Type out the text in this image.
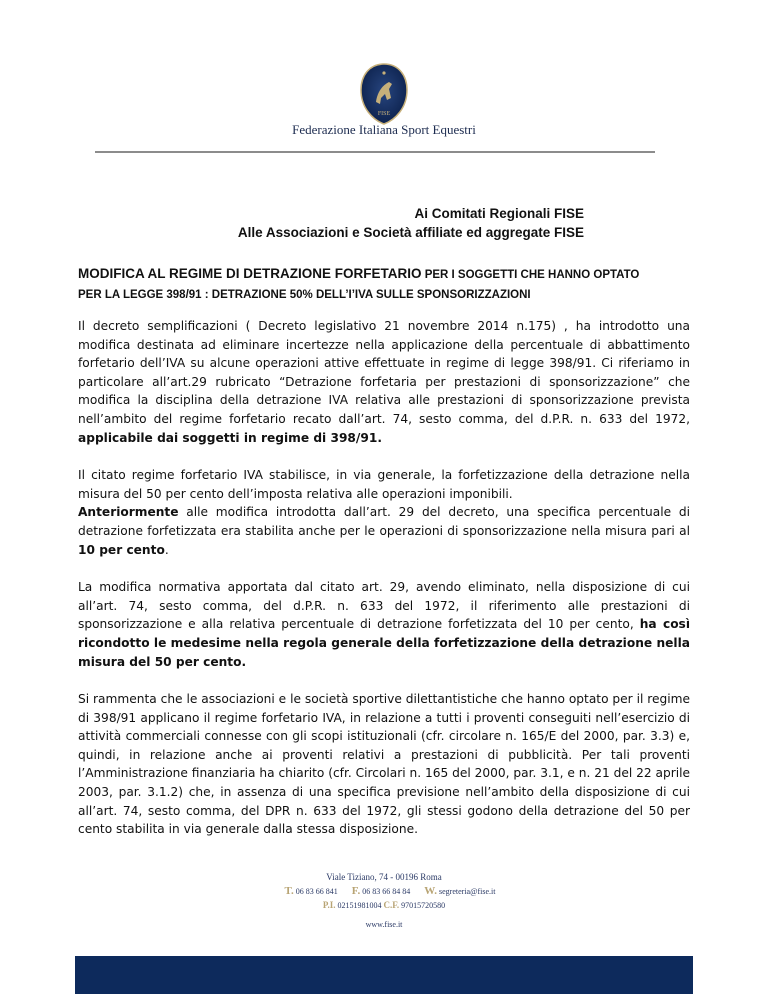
FISE
Federazione Italiana Sport Equestri
Ai Comitati Regionali FISE
Alle Associazioni e Società affiliate ed aggregate FISE
MODIFICA AL REGIME DI DETRAZIONE FORFETARIO PER I SOGGETTI CHE HANNO OPTATO
PER LA LEGGE 398/91 : DETRAZIONE 50% DELL’I’IVA SULLE SPONSORIZZAZIONI

Il decreto semplificazioni ( Decreto legislativo 21 novembre 2014 n.175) , ha introdotto una modifica destinata ad eliminare incertezze nella applicazione della percentuale di abbattimento forfetario dell’IVA su alcune operazioni attive effettuate in regime di legge 398/91. Ci riferiamo in particolare all’art.29 rubricato “Detrazione forfetaria per prestazioni di sponsorizzazione” che modifica la disciplina della detrazione IVA relativa alle prestazioni di sponsorizzazione prevista nell’ambito del regime forfetario recato dall’art. 74, sesto comma, del d.P.R. n. 633 del 1972, applicabile dai soggetti in regime di 398/91.

Il citato regime forfetario IVA stabilisce, in via generale, la forfetizzazione della detrazione nella misura del 50 per cento dell’imposta relativa alle operazioni imponibili.
Anteriormente alle modifica introdotta dall’art. 29 del decreto, una specifica percentuale di detrazione forfetizzata era stabilita anche per le operazioni di sponsorizzazione nella misura pari al 10 per cento.

La modifica normativa apportata dal citato art. 29, avendo eliminato, nella disposizione di cui all’art. 74, sesto comma, del d.P.R. n. 633 del 1972, il riferimento alle prestazioni di sponsorizzazione e alla relativa percentuale di detrazione forfetizzata del 10 per cento, ha così ricondotto le medesime nella regola generale della forfetizzazione della detrazione nella misura del 50 per cento.

Si rammenta che le associazioni e le società sportive dilettantistiche che hanno optato per il regime di 398/91 applicano il regime forfetario IVA, in relazione a tutti i proventi conseguiti nell’esercizio di attività commerciali connesse con gli scopi istituzionali (cfr. circolare n. 165/E del 2000, par. 3.3) e, quindi, in relazione anche ai proventi relativi a prestazioni di pubblicità. Per tali proventi l’Amministrazione finanziaria ha chiarito (cfr. Circolari n. 165 del 2000, par. 3.1, e n. 21 del 22 aprile 2003, par. 3.1.2) che, in assenza di una specifica previsione nell’ambito della disposizione di cui all’art. 74, sesto comma, del DPR n. 633 del 1972, gli stessi godono della detrazione del 50 per cento stabilita in via generale dalla stessa disposizione.

Viale Tiziano, 74 - 00196 Roma
T. 06 83 66 841 F. 06 83 66 84 84 W. segreteria@fise.it
P.I. 02151981004 C.F. 97015720580
www.fise.it
